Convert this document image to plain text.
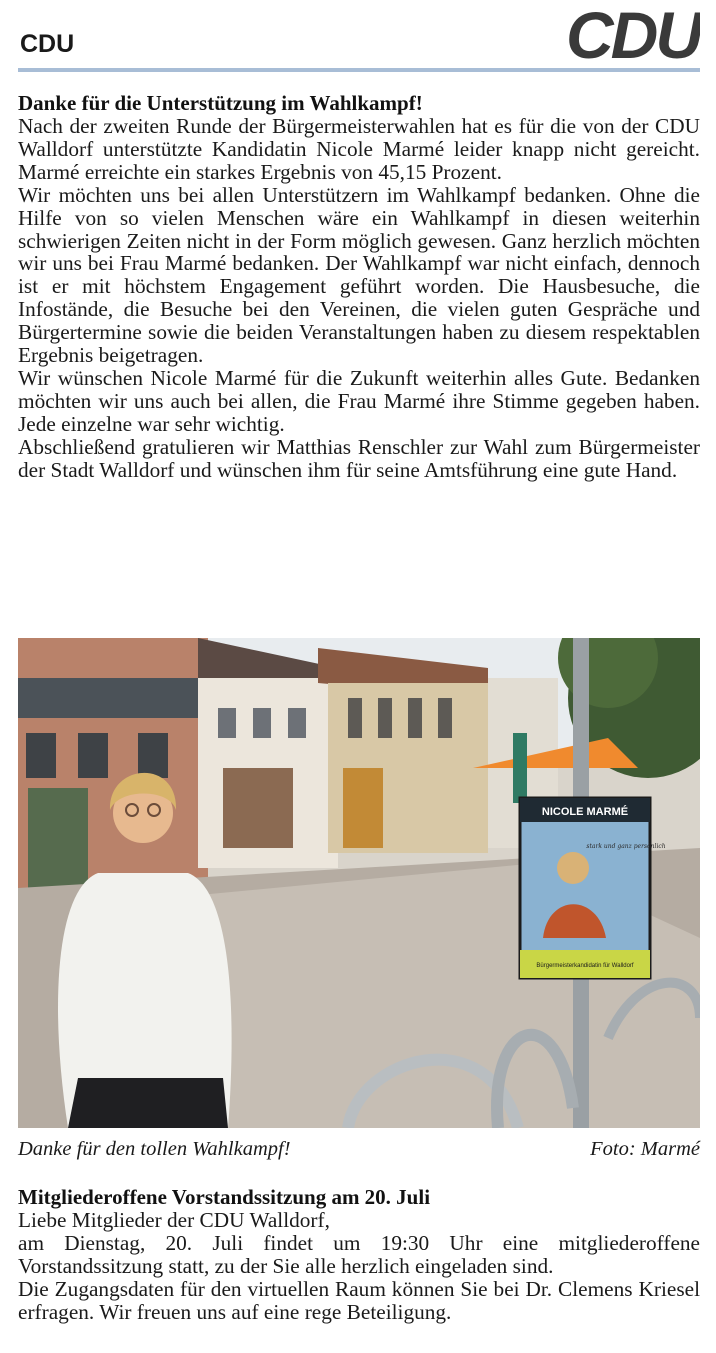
CDU	CDU
Danke für die Unterstützung im Wahlkampf!

Nach der zweiten Runde der Bürgermeisterwahlen hat es für die von der CDU Walldorf unterstützte Kandidatin Nicole Marmé leider knapp nicht gereicht. Marmé erreichte ein starkes Ergebnis von 45,15 Prozent.

Wir möchten uns bei allen Unterstützern im Wahlkampf bedanken. Ohne die Hilfe von so vielen Menschen wäre ein Wahlkampf in diesen weiterhin schwierigen Zeiten nicht in der Form möglich gewesen. Ganz herzlich möchten wir uns bei Frau Marmé bedanken. Der Wahlkampf war nicht einfach, dennoch ist er mit höchstem Engagement geführt worden. Die Hausbesuche, die Infostände, die Besuche bei den Vereinen, die vielen guten Gespräche und Bürgertermine sowie die beiden Veranstaltungen haben zu diesem respektablen Ergebnis beigetragen.

Wir wünschen Nicole Marmé für die Zukunft weiterhin alles Gute. Bedanken möchten wir uns auch bei allen, die Frau Marmé ihre Stimme gegeben haben. Jede einzelne war sehr wichtig.

Abschließend gratulieren wir Matthias Renschler zur Wahl zum Bürgermeister der Stadt Walldorf und wünschen ihm für seine Amtsführung eine gute Hand.

NICOLE MARMÉ
stark und ganz persönlich
Bürgermeisterkandidatin für Walldorf
Danke für den tollen Wahlkampf!	Foto: Marmé
Mitgliederoffene Vorstandssitzung am 20. Juli

Liebe Mitglieder der CDU Walldorf,

am Dienstag, 20. Juli findet um 19:30 Uhr eine mitgliederoffene Vorstandssitzung statt, zu der Sie alle herzlich eingeladen sind.

Die Zugangsdaten für den virtuellen Raum können Sie bei Dr. Clemens Kriesel erfragen. Wir freuen uns auf eine rege Beteiligung.
